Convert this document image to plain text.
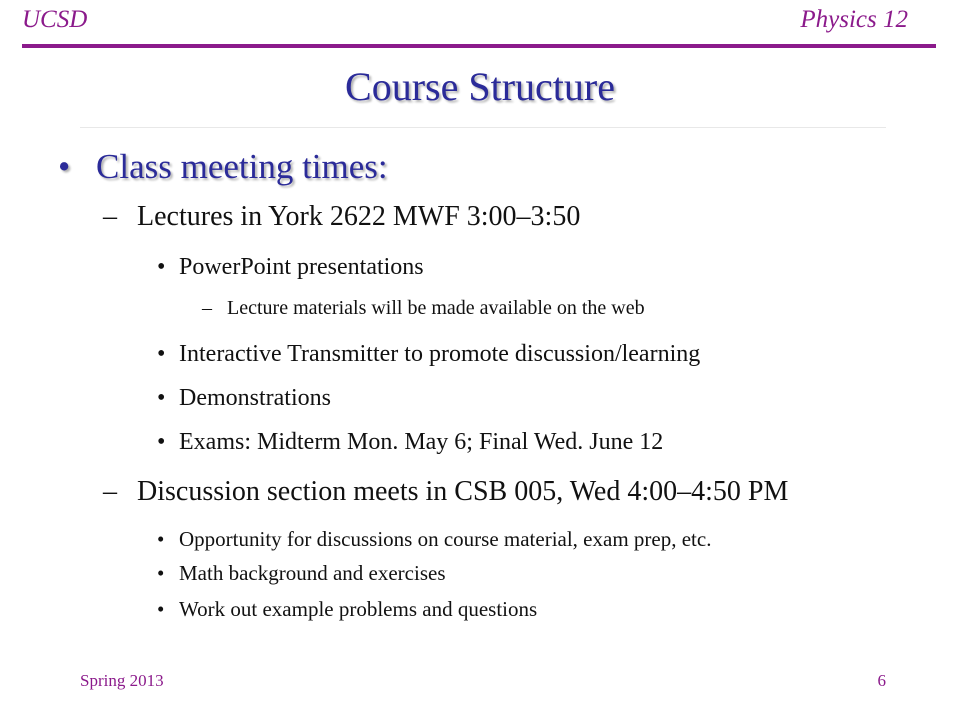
UCSD	Physics 12
Course Structure
• Class meeting times:
– Lectures in York 2622 MWF 3:00–3:50
• PowerPoint presentations
– Lecture materials will be made available on the web
• Interactive Transmitter to promote discussion/learning
• Demonstrations
• Exams: Midterm Mon. May 6; Final Wed. June 12
– Discussion section meets in CSB 005, Wed 4:00–4:50 PM
• Opportunity for discussions on course material, exam prep, etc.
• Math background and exercises
• Work out example problems and questions
Spring 2013	6
